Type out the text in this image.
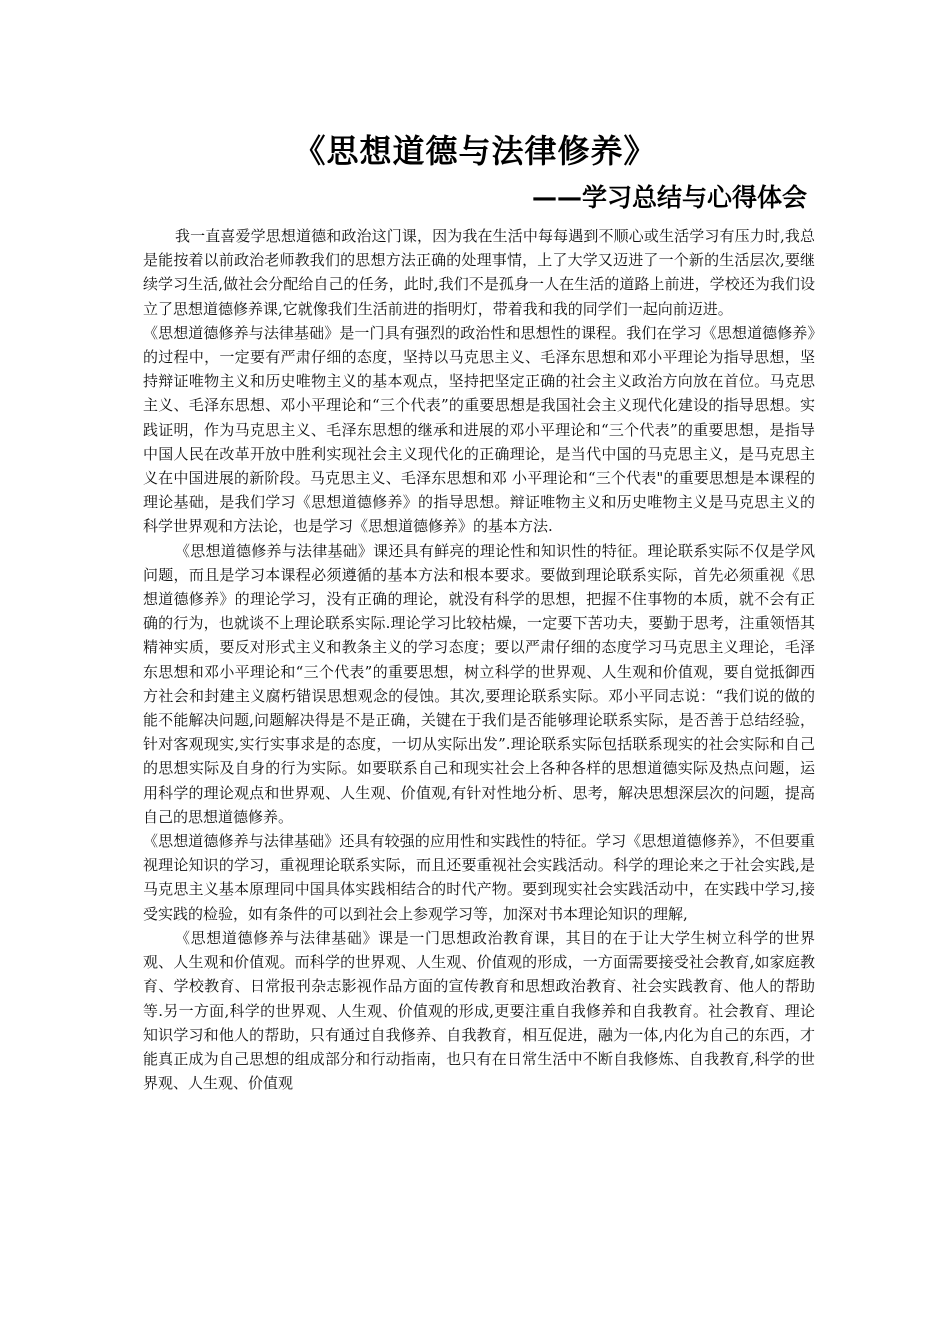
《思想道德与法律修养》
——学习总结与心得体会

我一直喜爱学思想道德和政治这门课，因为我在生活中每每遇到不顺心或生活学习有压力时,我总是能按着以前政治老师教我们的思想方法正确的处理事情，上了大学又迈进了一个新的生活层次,要继续学习生活,做社会分配给自己的任务，此时,我们不是孤身一人在生活的道路上前进，学校还为我们设立了思想道德修养课,它就像我们生活前进的指明灯，带着我和我的同学们一起向前迈进。

《思想道德修养与法律基础》是一门具有强烈的政治性和思想性的课程。我们在学习《思想道德修养》的过程中，一定要有严肃仔细的态度，坚持以马克思主义、毛泽东思想和邓小平理论为指导思想，坚持辩证唯物主义和历史唯物主义的基本观点，坚持把坚定正确的社会主义政治方向放在首位。马克思主义、毛泽东思想、邓小平理论和“三个代表”的重要思想是我国社会主义现代化建设的指导思想。实践证明，作为马克思主义、毛泽东思想的继承和进展的邓小平理论和“三个代表”的重要思想，是指导中国人民在改革开放中胜利实现社会主义现代化的正确理论，是当代中国的马克思主义，是马克思主义在中国进展的新阶段。马克思主义、毛泽东思想和邓 小平理论和“三个代表"的重要思想是本课程的理论基础，是我们学习《思想道德修养》的指导思想。辩证唯物主义和历史唯物主义是马克思主义的科学世界观和方法论，也是学习《思想道德修养》的基本方法.

《思想道德修养与法律基础》课还具有鲜亮的理论性和知识性的特征。理论联系实际不仅是学风问题，而且是学习本课程必须遵循的基本方法和根本要求。要做到理论联系实际，首先必须重视《思想道德修养》的理论学习，没有正确的理论，就没有科学的思想，把握不住事物的本质，就不会有正确的行为，也就谈不上理论联系实际.理论学习比较枯燥，一定要下苦功夫，要勤于思考，注重领悟其精神实质，要反对形式主义和教条主义的学习态度；要以严肃仔细的态度学习马克思主义理论，毛泽东思想和邓小平理论和“三个代表”的重要思想，树立科学的世界观、人生观和价值观，要自觉抵御西方社会和封建主义腐朽错误思想观念的侵蚀。其次,要理论联系实际。邓小平同志说：“我们说的做的能不能解决问题,问题解决得是不是正确，关键在于我们是否能够理论联系实际，是否善于总结经验，针对客观现实,实行实事求是的态度，一切从实际出发”.理论联系实际包括联系现实的社会实际和自己的思想实际及自身的行为实际。如要联系自己和现实社会上各种各样的思想道德实际及热点问题，运用科学的理论观点和世界观、人生观、价值观,有针对性地分析、思考，解决思想深层次的问题，提高自己的思想道德修养。

《思想道德修养与法律基础》还具有较强的应用性和实践性的特征。学习《思想道德修养》，不但要重视理论知识的学习，重视理论联系实际，而且还要重视社会实践活动。科学的理论来之于社会实践,是马克思主义基本原理同中国具体实践相结合的时代产物。要到现实社会实践活动中，在实践中学习,接受实践的检验，如有条件的可以到社会上参观学习等，加深对书本理论知识的理解,

《思想道德修养与法律基础》课是一门思想政治教育课，其目的在于让大学生树立科学的世界观、人生观和价值观。而科学的世界观、人生观、价值观的形成，一方面需要接受社会教育,如家庭教育、学校教育、日常报刊杂志影视作品方面的宣传教育和思想政治教育、社会实践教育、他人的帮助等.另一方面,科学的世界观、人生观、价值观的形成,更要注重自我修养和自我教育。社会教育、理论知识学习和他人的帮助，只有通过自我修养、自我教育，相互促进，融为一体,内化为自己的东西，才能真正成为自己思想的组成部分和行动指南，也只有在日常生活中不断自我修炼、自我教育,科学的世界观、人生观、价值观
